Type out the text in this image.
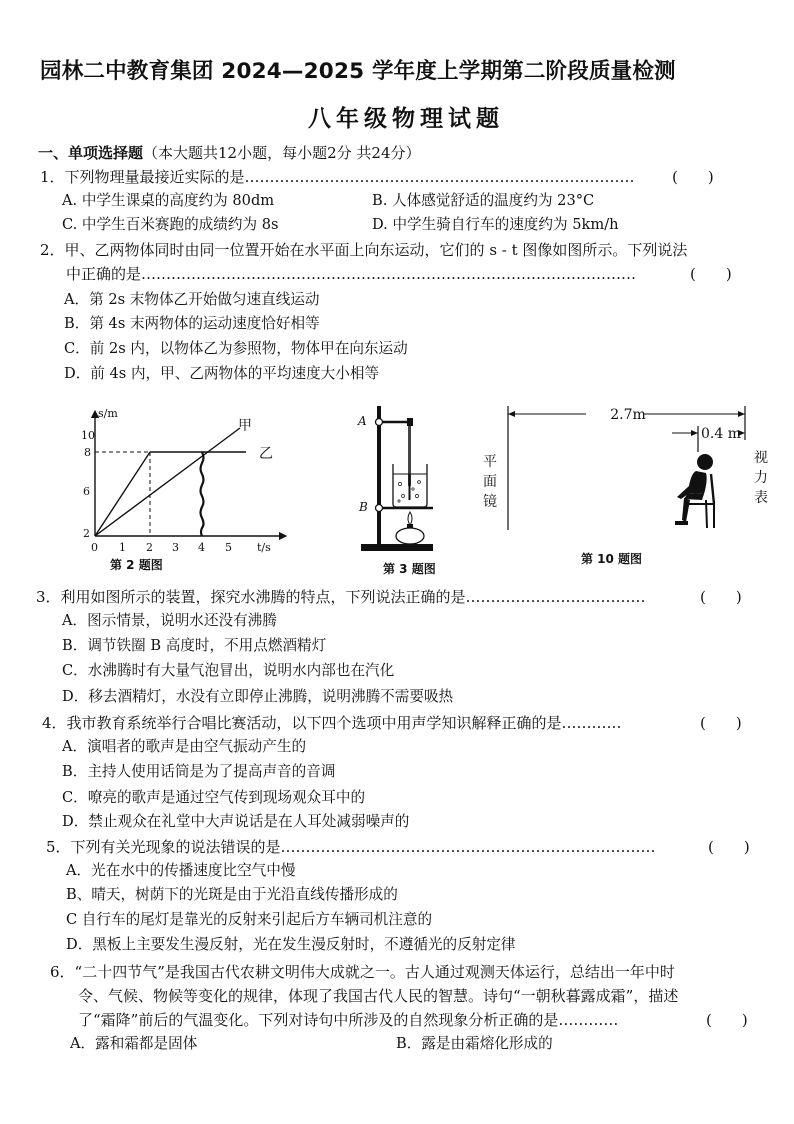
园林二中教育集团 2024—2025 学年度上学期第二阶段质量检测
八年级物理试题
一、单项选择题（本大题共12小题，每小题2分 共24分）
1．下列物理量最接近实际的是…………………………………………………………………… (　　)
A. 中学生课桌的高度约为 80dm	B. 人体感觉舒适的温度约为 23°C
C. 中学生百米赛跑的成绩约为 8s	D. 中学生骑自行车的速度约为 5km/h
2．甲、乙两物体同时由同一位置开始在水平面上向东运动，它们的 s - t 图像如图所示。下列说法
中正确的是………………………………………………………………………………………	(　　)
A．第 2s 末物体乙开始做匀速直线运动
B．第 4s 末两物体的运动速度恰好相等
C．前 2s 内，以物体乙为参照物，物体甲在向东运动
D．前 4s 内，甲、乙两物体的平均速度大小相等
2
6
8
10
s/m
0 1 2 3 4 5 t/s
甲
乙
第 2 题图
A
B
第 3 题图
2.7m
0.4 m
平
面
镜
视
力
表
第 10 题图
3．利用如图所示的装置，探究水沸腾的特点，下列说法正确的是………………………………	(　　)
A．图示情景，说明水还没有沸腾
B．调节铁圈 B 高度时，不用点燃酒精灯
C．水沸腾时有大量气泡冒出，说明水内部也在汽化
D．移去酒精灯，水没有立即停止沸腾，说明沸腾不需要吸热
4．我市教育系统举行合唱比赛活动，以下四个选项中用声学知识解释正确的是…………	(　　)
A．演唱者的歌声是由空气振动产生的
B．主持人使用话筒是为了提高声音的音调
C．嘹亮的歌声是通过空气传到现场观众耳中的
D．禁止观众在礼堂中大声说话是在人耳处减弱噪声的
5．下列有关光现象的说法错误的是…………………………………………………………………	(　　)
A．光在水中的传播速度比空气中慢
B、晴天，树荫下的光斑是由于光沿直线传播形成的
C 自行车的尾灯是靠光的反射来引起后方车辆司机注意的
D．黑板上主要发生漫反射，光在发生漫反射时，不遵循光的反射定律
6．“二十四节气”是我国古代农耕文明伟大成就之一。古人通过观测天体运行，总结出一年中时
令、气候、物候等变化的规律，体现了我国古代人民的智慧。诗句“一朝秋暮露成霜”，描述
了“霜降”前后的气温变化。下列对诗句中所涉及的自然现象分析正确的是…………	(　　)
A．露和霜都是固体	B．露是由霜熔化形成的
